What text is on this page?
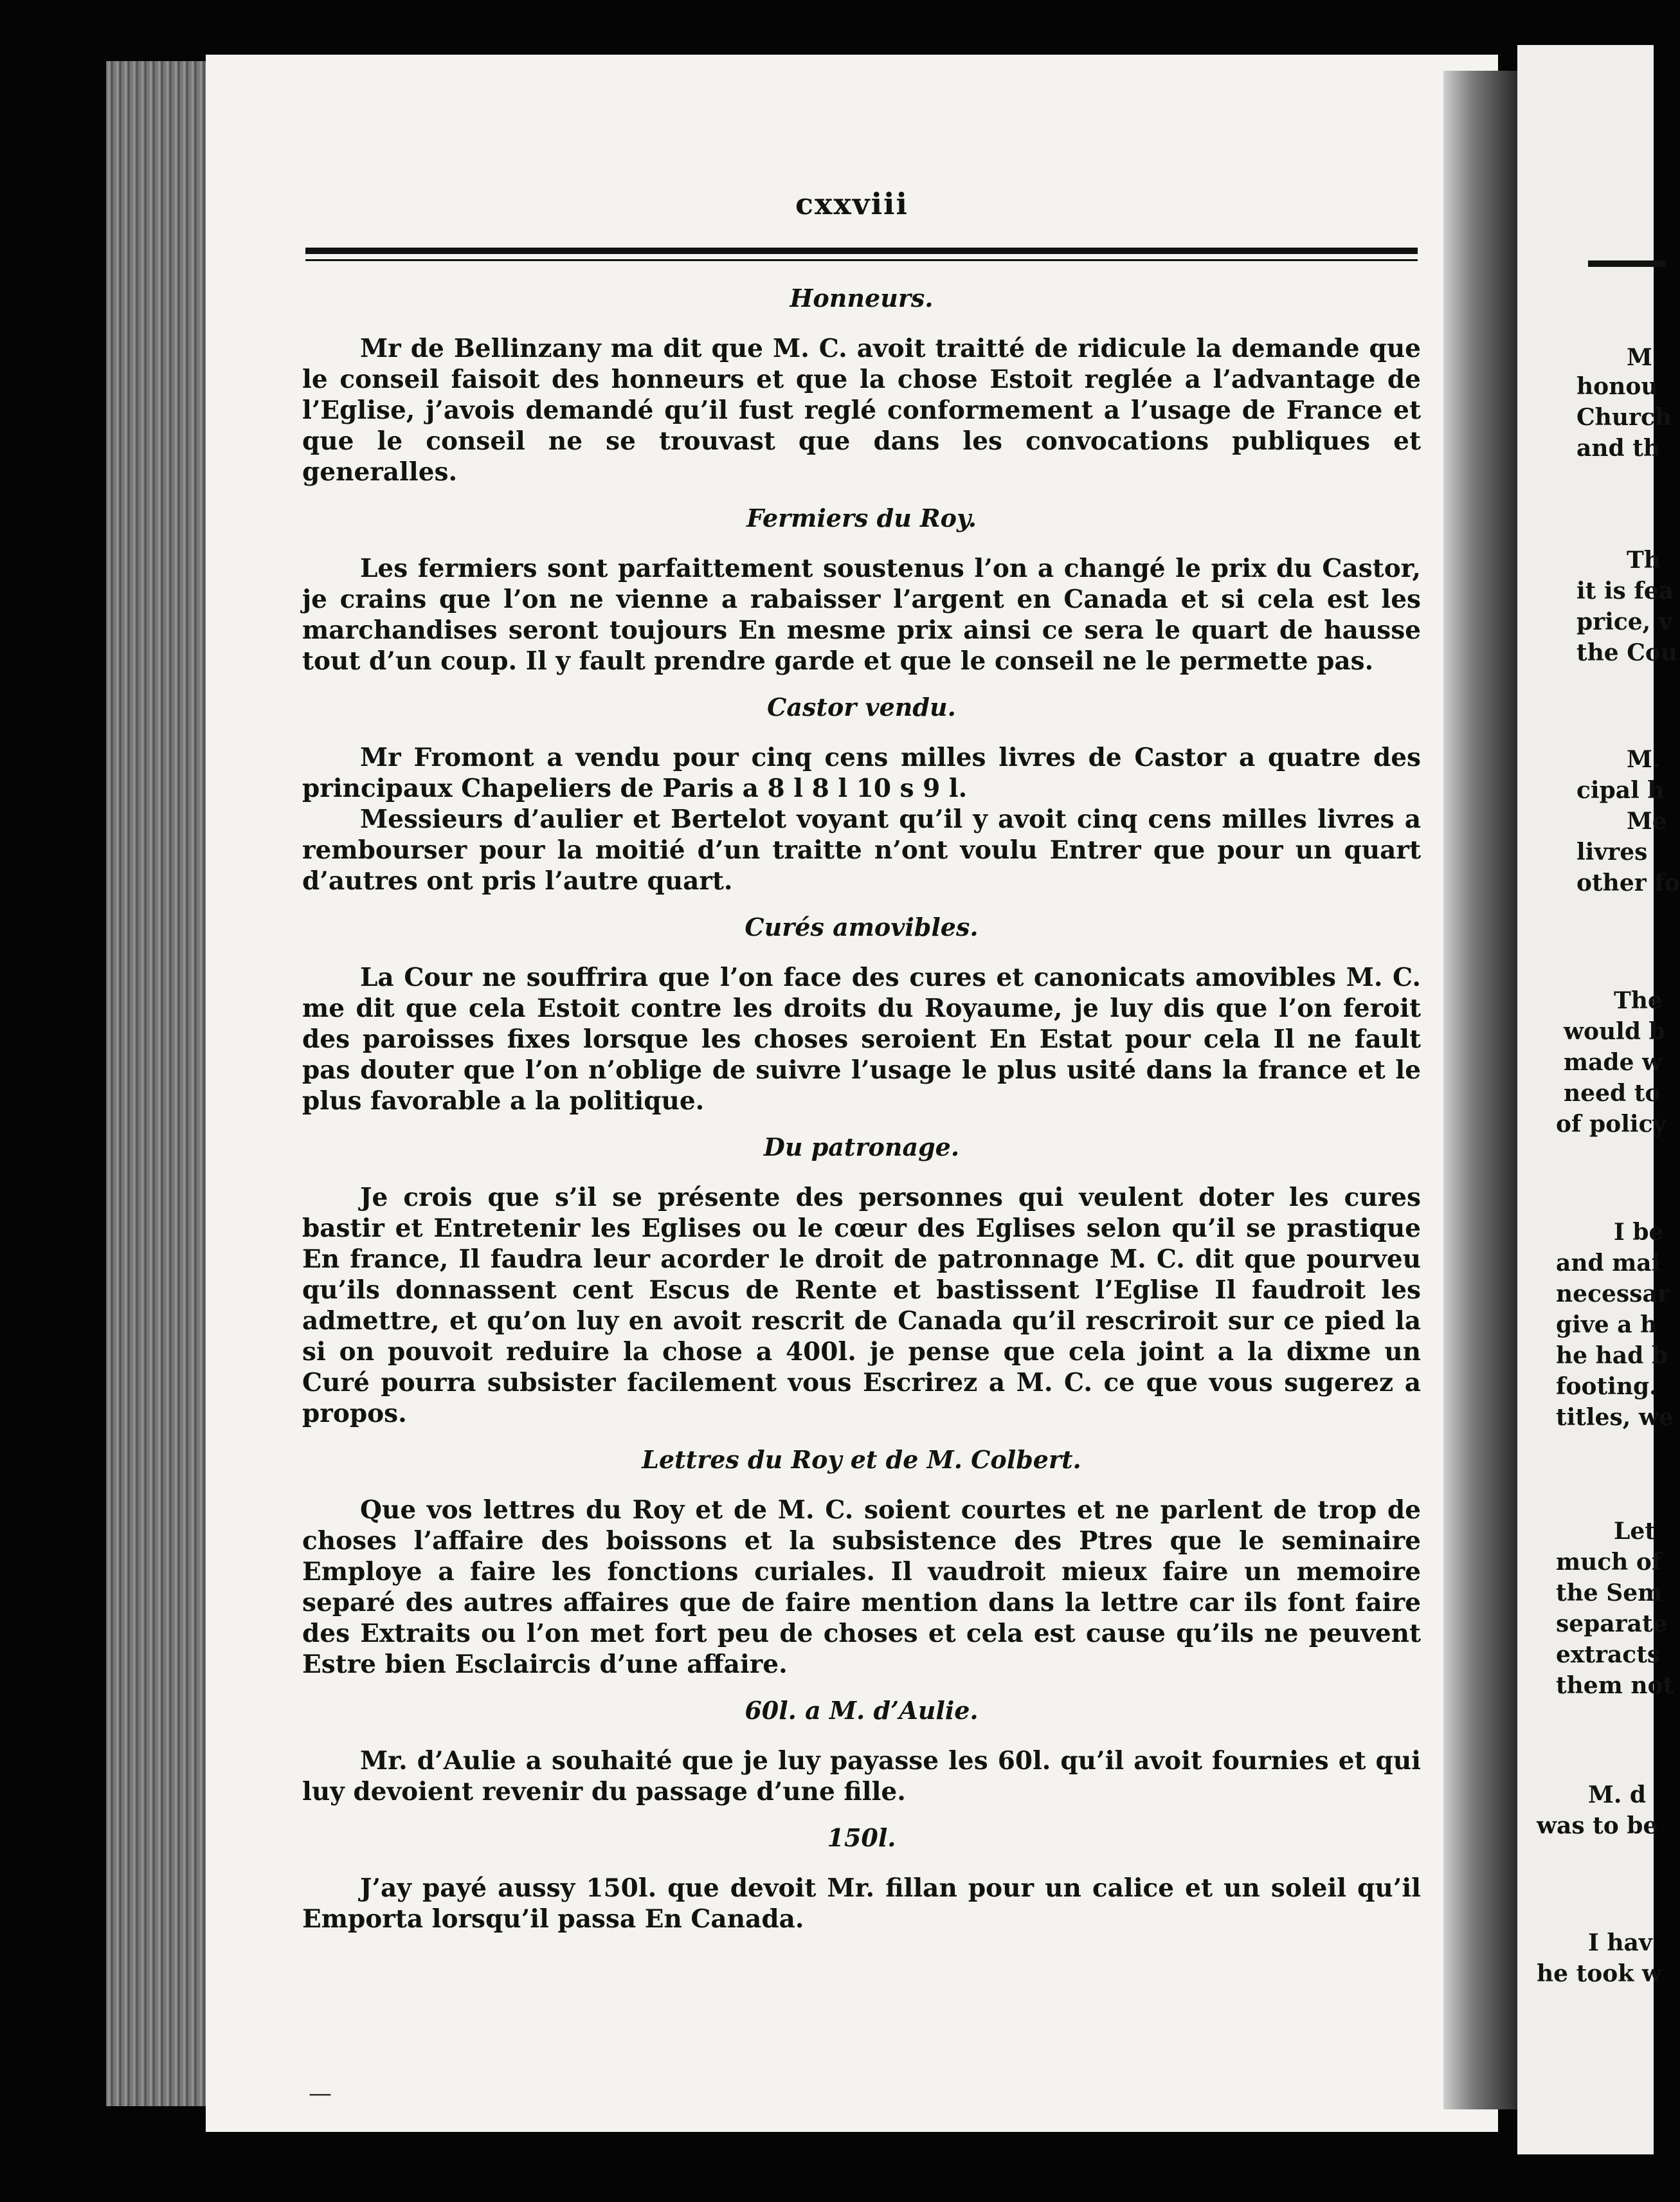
cxxviii
Honneurs.

Mr de Bellinzany ma dit que M. C. avoit traitté de ridicule la demande que le conseil faisoit des honneurs et que la chose Estoit reglée a l’advantage de l’Eglise, j’avois demandé qu’il fust reglé conformement a l’usage de France et que le conseil ne se trouvast que dans les convocations publiques et generalles.

Fermiers du Roy.

Les fermiers sont parfaittement soustenus l’on a changé le prix du Castor, je crains que l’on ne vienne a rabaisser l’argent en Canada et si cela est les marchandises seront toujours En mesme prix ainsi ce sera le quart de hausse tout d’un coup. Il y fault prendre garde et que le conseil ne le permette pas.

Castor vendu.

Mr Fromont a vendu pour cinq cens milles livres de Castor a quatre des principaux Chapeliers de Paris a 8 l 8 l 10 s 9 l.

Messieurs d’aulier et Bertelot voyant qu’il y avoit cinq cens milles livres a rembourser pour la moitié d’un traitte n’ont voulu Entrer que pour un quart d’autres ont pris l’autre quart.

Curés amovibles.

La Cour ne souffrira que l’on face des cures et canonicats amovibles M. C. me dit que cela Estoit contre les droits du Royaume, je luy dis que l’on feroit des paroisses fixes lorsque les choses seroient En Estat pour cela Il ne fault pas douter que l’on n’oblige de suivre l’usage le plus usité dans la france et le plus favorable a la politique.

Du patronage.

Je crois que s’il se présente des personnes qui veulent doter les cures bastir et Entretenir les Eglises ou le cœur des Eglises selon qu’il se prastique En france, Il faudra leur acorder le droit de patronnage M. C. dit que pourveu qu’ils donnassent cent Escus de Rente et bastissent l’Eglise Il faudroit les admettre, et qu’on luy en avoit rescrit de Canada qu’il rescriroit sur ce pied la si on pouvoit reduire la chose a 400l. je pense que cela joint a la dixme un Curé pourra subsister facilement vous Escrirez a M. C. ce que vous sugerez a propos.

Lettres du Roy et de M. Colbert.

Que vos lettres du Roy et de M. C. soient courtes et ne parlent de trop de choses l’affaire des boissons et la subsistence des Ptres que le seminaire Employe a faire les fonctions curiales. Il vaudroit mieux faire un memoire separé des autres affaires que de faire mention dans la lettre car ils font faire des Extraits ou l’on met fort peu de choses et cela est cause qu’ils ne peuvent Estre bien Esclaircis d’une affaire.

60l. a M. d’Aulie.

Mr. d’Aulie a souhaité que je luy payasse les 60l. qu’il avoit fournies et qui luy devoient revenir du passage d’une fille.

150l.

J’ay payé aussy 150l. que devoit Mr. fillan pour un calice et un soleil qu’il Emporta lorsqu’il passa En Canada.

—
M
honou
Church
and th
Th
it is fea
price, v
the Cou
M.
cipal h
Me
livres
other fo
The
would b
made w
need to
of policy
I be
and mai
necessar
give a h
he had b
footing.
titles, we
Let
much of
the Sem
separate
extracts
them not
M. d
was to be
I hav
he took w
